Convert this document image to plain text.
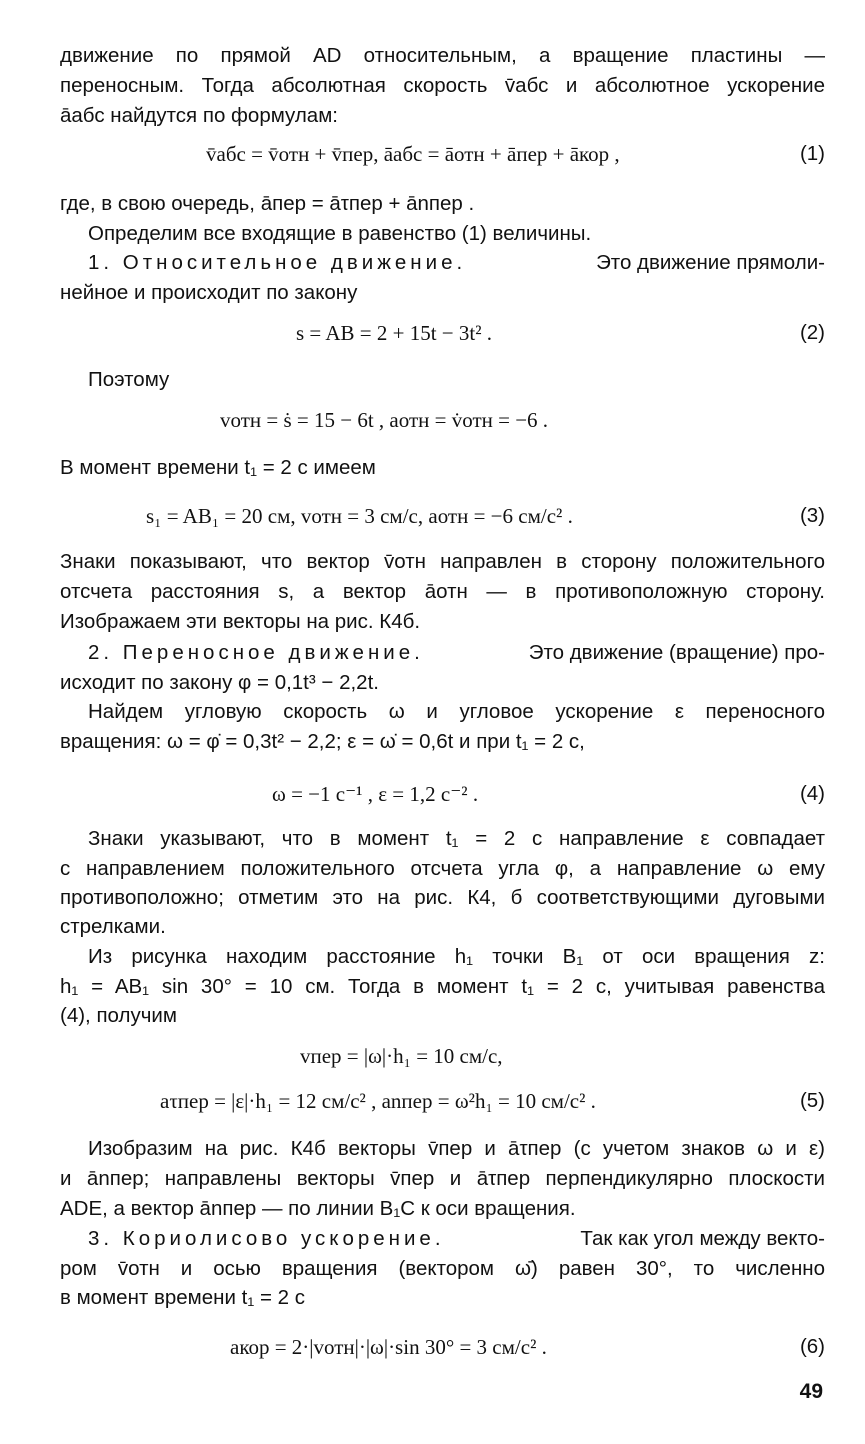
движение по прямой AD относительным, а вращение пластины —
переносным. Тогда абсолютная скорость v̄абс и абсолютное ускорение
āабс найдутся по формулам:
v̄абс = v̄отн + v̄пер, āабс = āотн + āпер + āкор ,	(1)
где, в свою очередь, āпер = āτпер + ānпер .
Определим все входящие в равенство (1) величины.
1. Относительное движение.	Это движение прямоли-
нейное и происходит по закону
s = AB = 2 + 15t − 3t² .	(2)
Поэтому
vотн = ṡ = 15 − 6t , aотн = v̇отн = −6 .
В момент времени t₁ = 2 с имеем
s₁ = AB₁ = 20 см, vотн = 3 см/с, aотн = −6 см/с² .	(3)
Знаки показывают, что вектор v̄отн направлен в сторону положительного
отсчета расстояния s, а вектор āотн — в противоположную сторону.
Изображаем эти векторы на рис. К4б.
2. Переносное движение.	Это движение (вращение) про-
исходит по закону φ = 0,1t³ − 2,2t.
Найдем угловую скорость ω и угловое ускорение ε переносного
вращения: ω = φ̇ = 0,3t² − 2,2; ε = ω̇ = 0,6t и при t₁ = 2 с,
ω = −1 с⁻¹ , ε = 1,2 с⁻² .	(4)
Знаки указывают, что в момент t₁ = 2 с направление ε совпадает
с направлением положительного отсчета угла φ, а направление ω ему
противоположно; отметим это на рис. К4, б соответствующими дуговыми
стрелками.
Из рисунка находим расстояние h₁ точки B₁ от оси вращения z:
h₁ = AB₁ sin 30° = 10 см. Тогда в момент t₁ = 2 с, учитывая равенства
(4), получим
vпер = |ω|·h₁ = 10 см/с,
aτпер = |ε|·h₁ = 12 см/с² , anпер = ω²h₁ = 10 см/с² .	(5)
Изобразим на рис. К4б векторы v̄пер и āτпер (с учетом знаков ω и ε)
и ānпер; направлены векторы v̄пер и āτпер перпендикулярно плоскости
ADE, а вектор ānпер — по линии B₁C к оси вращения.
3. Кориолисово ускорение.	Так как угол между векто-
ром v̄отн и осью вращения (вектором ω̄) равен 30°, то численно
в момент времени t₁ = 2 с
aкор = 2·|vотн|·|ω|·sin 30° = 3 см/с² .	(6)
49
